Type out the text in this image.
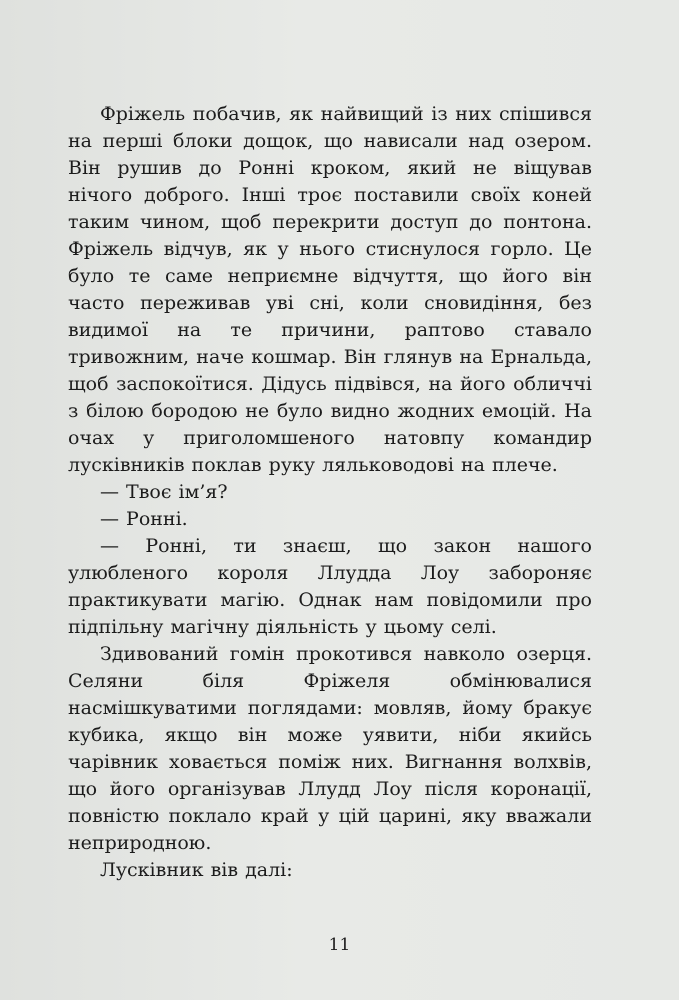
Фріжель побачив, як найвищий із них спішився на перші блоки дощок, що нависали над озером. Він рушив до Ронні кроком, який не віщував нічого доброго. Інші троє поставили своїх коней таким чином, щоб перекрити доступ до понтона. Фріжель відчув, як у нього стиснулося горло. Це було те саме неприємне відчуття, що його він часто переживав уві сні, коли сновидіння, без видимої на те причини, раптово ставало тривожним, наче кошмар. Він глянув на Ернальда, щоб заспокоїтися. Дідусь підвівся, на його обличчі з білою бородою не було видно жодних емоцій. На очах у приголомшеного натовпу командир лусківників поклав руку ляльководові на плече.

— Твоє ім’я?

— Ронні.

— Ронні, ти знаєш, що закон нашого улюбленого короля Ллудда Лоу забороняє практикувати магію. Однак нам повідомили про підпільну магічну діяльність у цьому селі.

Здивований гомін прокотився навколо озерця. Селяни біля Фріжеля обмінювалися насмішкуватими поглядами: мовляв, йому бракує кубика, якщо він може уявити, ніби якийсь чарівник ховається поміж них. Вигнання волхвів, що його організував Ллудд Лоу після коронації, повністю поклало край у цій царині, яку вважали неприродною.

Лусківник вів далі:

11
